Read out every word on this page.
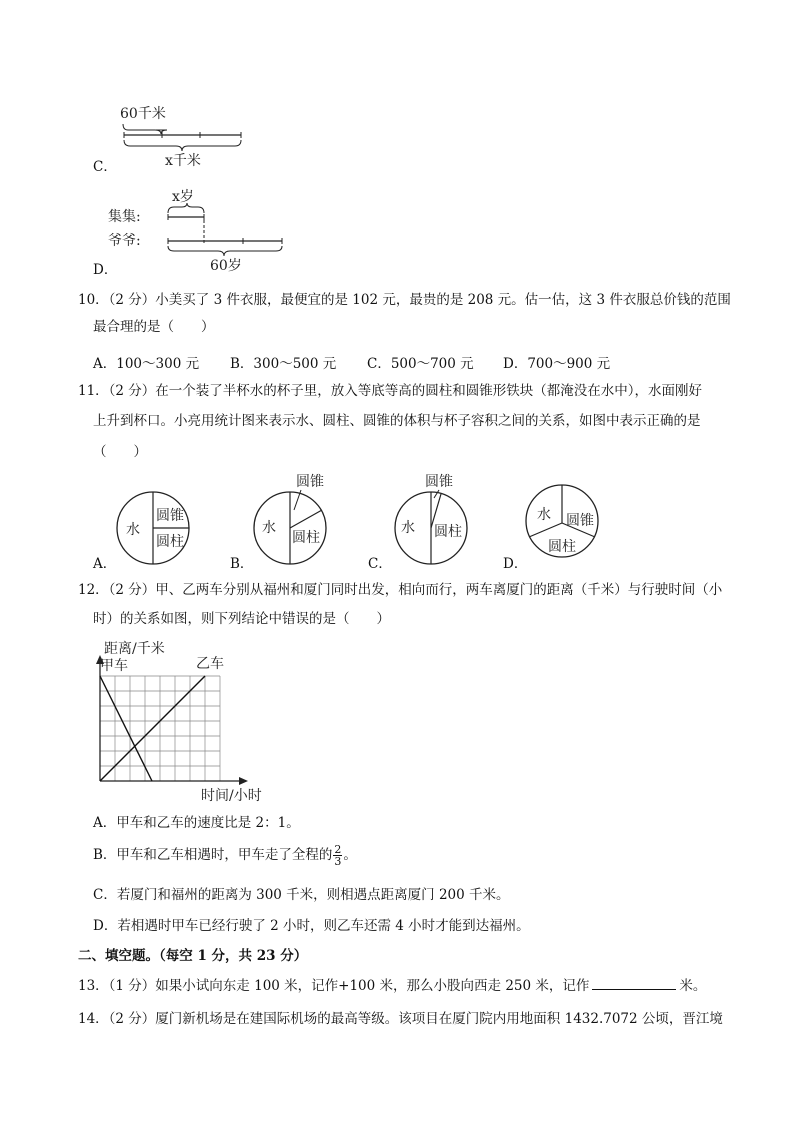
C．
60千米
x千米
D．
x岁
集集:
爷爷:
60岁
10．（2 分）小美买了 3 件衣服，最便宜的是 102 元，最贵的是 208 元。估一估，这 3 件衣服总价钱的范围
最合理的是（　　）
A．100～300 元 B．300～500 元 C．500～700 元 D．700～900 元
11．（2 分）在一个装了半杯水的杯子里，放入等底等高的圆柱和圆锥形铁块（都淹没在水中），水面刚好
上升到杯口。小亮用统计图来表示水、圆柱、圆锥的体积与杯子容积之间的关系，如图中表示正确的是
（　　）
A．
水
圆锥
圆柱
B．
圆锥
水
圆柱
C．
圆锥
水 圆柱
D．
水 圆锥
圆柱
12．（2 分）甲、乙两车分别从福州和厦门同时出发，相向而行，两车离厦门的距离（千米）与行驶时间（小
时）的关系如图，则下列结论中错误的是（　　）
距离/千米
甲车	乙车
时间/小时
A．甲车和乙车的速度比是 2：1。
B．甲车和乙车相遇时，甲车走了全程的 $\frac{2}{3}$ 。
C．若厦门和福州的距离为 300 千米，则相遇点距离厦门 200 千米。
D．若相遇时甲车已经行驶了 2 小时，则乙车还需 4 小时才能到达福州。
二、填空题。（每空 1 分，共 23 分）
13．（1 分）如果小试向东走 100 米，记作+100 米，那么小股向西走 250 米，记作	米。
14．（2 分）厦门新机场是在建国际机场的最高等级。该项目在厦门院内用地面积 1432.7072 公顷，晋江境
